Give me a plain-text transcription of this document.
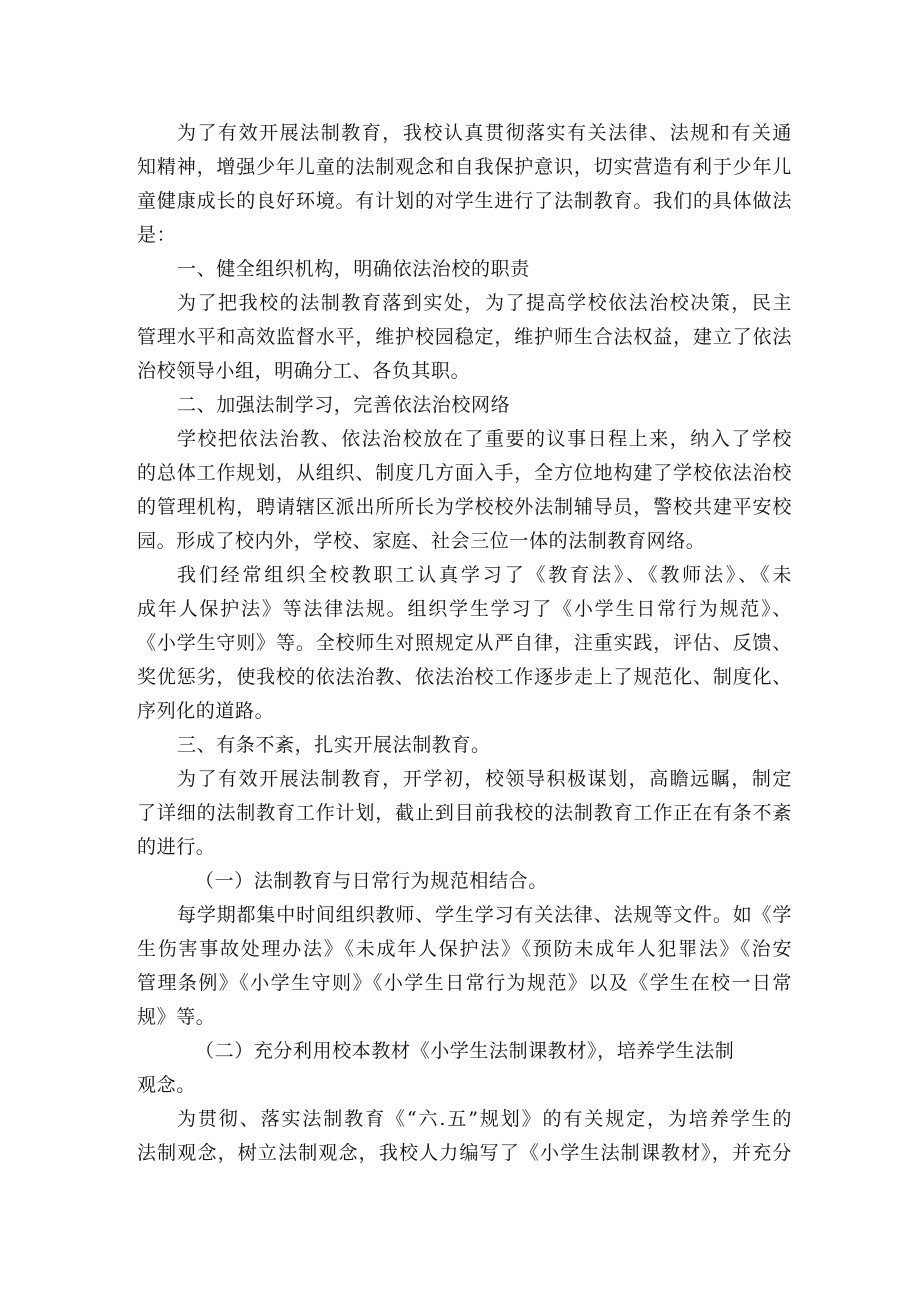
为了有效开展法制教育，我校认真贯彻落实有关法律、法规和有关通
知精神，增强少年儿童的法制观念和自我保护意识，切实营造有利于少年儿
童健康成长的良好环境。有计划的对学生进行了法制教育。我们的具体做法
是：
一、健全组织机构，明确依法治校的职责
为了把我校的法制教育落到实处，为了提高学校依法治校决策，民主
管理水平和高效监督水平，维护校园稳定，维护师生合法权益，建立了依法
治校领导小组，明确分工、各负其职。
二、加强法制学习，完善依法治校网络
学校把依法治教、依法治校放在了重要的议事日程上来，纳入了学校
的总体工作规划，从组织、制度几方面入手，全方位地构建了学校依法治校
的管理机构，聘请辖区派出所所长为学校校外法制辅导员，警校共建平安校
园。形成了校内外，学校、家庭、社会三位一体的法制教育网络。
我们经常组织全校教职工认真学习了《教育法》、《教师法》、《未
成年人保护法》等法律法规。组织学生学习了《小学生日常行为规范》、
《小学生守则》等。全校师生对照规定从严自律，注重实践，评估、反馈、
奖优惩劣，使我校的依法治教、依法治校工作逐步走上了规范化、制度化、
序列化的道路。
三、有条不紊，扎实开展法制教育。
为了有效开展法制教育，开学初，校领导积极谋划，高瞻远瞩，制定
了详细的法制教育工作计划，截止到目前我校的法制教育工作正在有条不紊
的进行。
（一）法制教育与日常行为规范相结合。
每学期都集中时间组织教师、学生学习有关法律、法规等文件。如《学
生伤害事故处理办法》《未成年人保护法》《预防未成年人犯罪法》《治安
管理条例》《小学生守则》《小学生日常行为规范》以及《学生在校一日常
规》等。
（二）充分利用校本教材《小学生法制课教材》，培养学生法制
观念。
为贯彻、落实法制教育《“六.五”规划》的有关规定，为培养学生的
法制观念，树立法制观念，我校人力编写了《小学生法制课教材》，并充分
